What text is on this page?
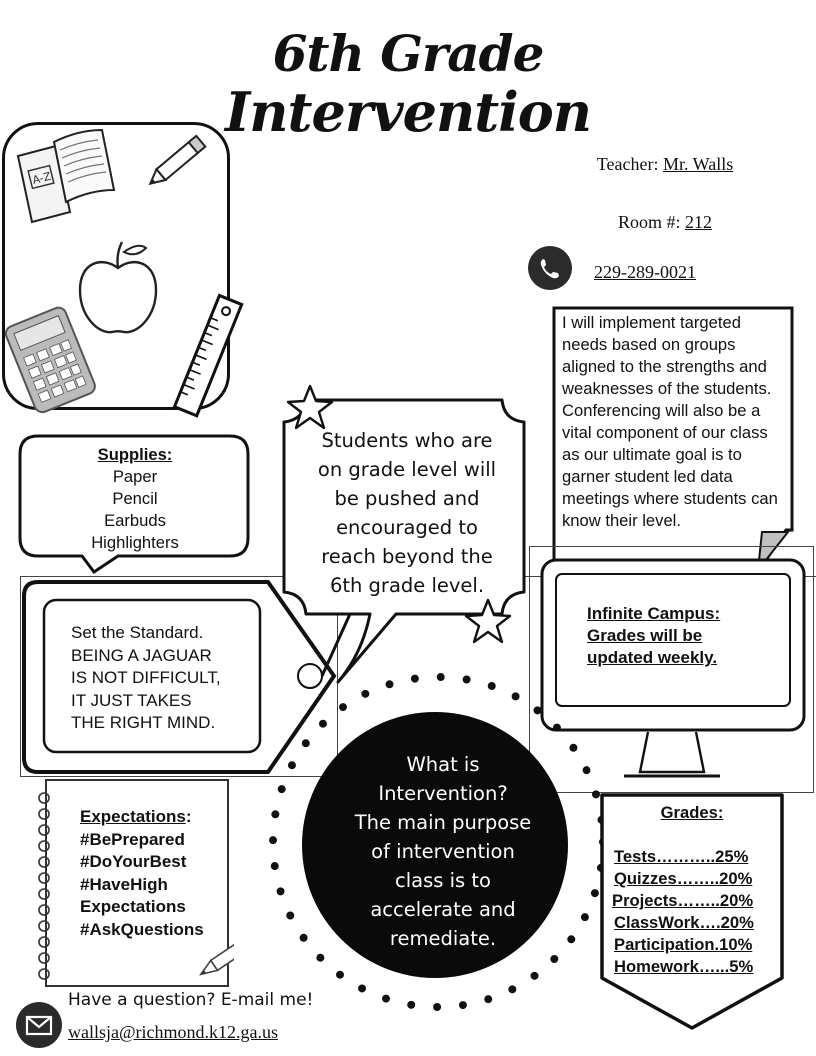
6th Grade
Intervention
Teacher: Mr. Walls
Room #: 212
229-289-0021
A-Z
I will implement targeted needs based on groups aligned to the strengths and weaknesses of the students. Conferencing will also be a vital component of our class as our ultimate goal is to garner student led data meetings where students can know their level.
Supplies:
Paper
Pencil
Earbuds
Highlighters
Set the Standard.
BEING A JAGUAR
IS NOT DIFFICULT,
IT JUST TAKES
THE RIGHT MIND.
Students who are on grade level will be pushed and encouraged to reach beyond the 6th grade level.
Infinite Campus:
Grades will be
updated weekly.
What is
Intervention?
The main purpose
of intervention
class is to
accelerate and
remediate.
Expectations:
#BePrepared
#DoYourBest
#HaveHigh
Expectations
#AskQuestions
Grades:
Tests………..25%
Quizzes……..20%
Projects……..20%
ClassWork….20%
Participation.10%
Homework…...5%
Have a question? E-mail me!
wallsja@richmond.k12.ga.us
